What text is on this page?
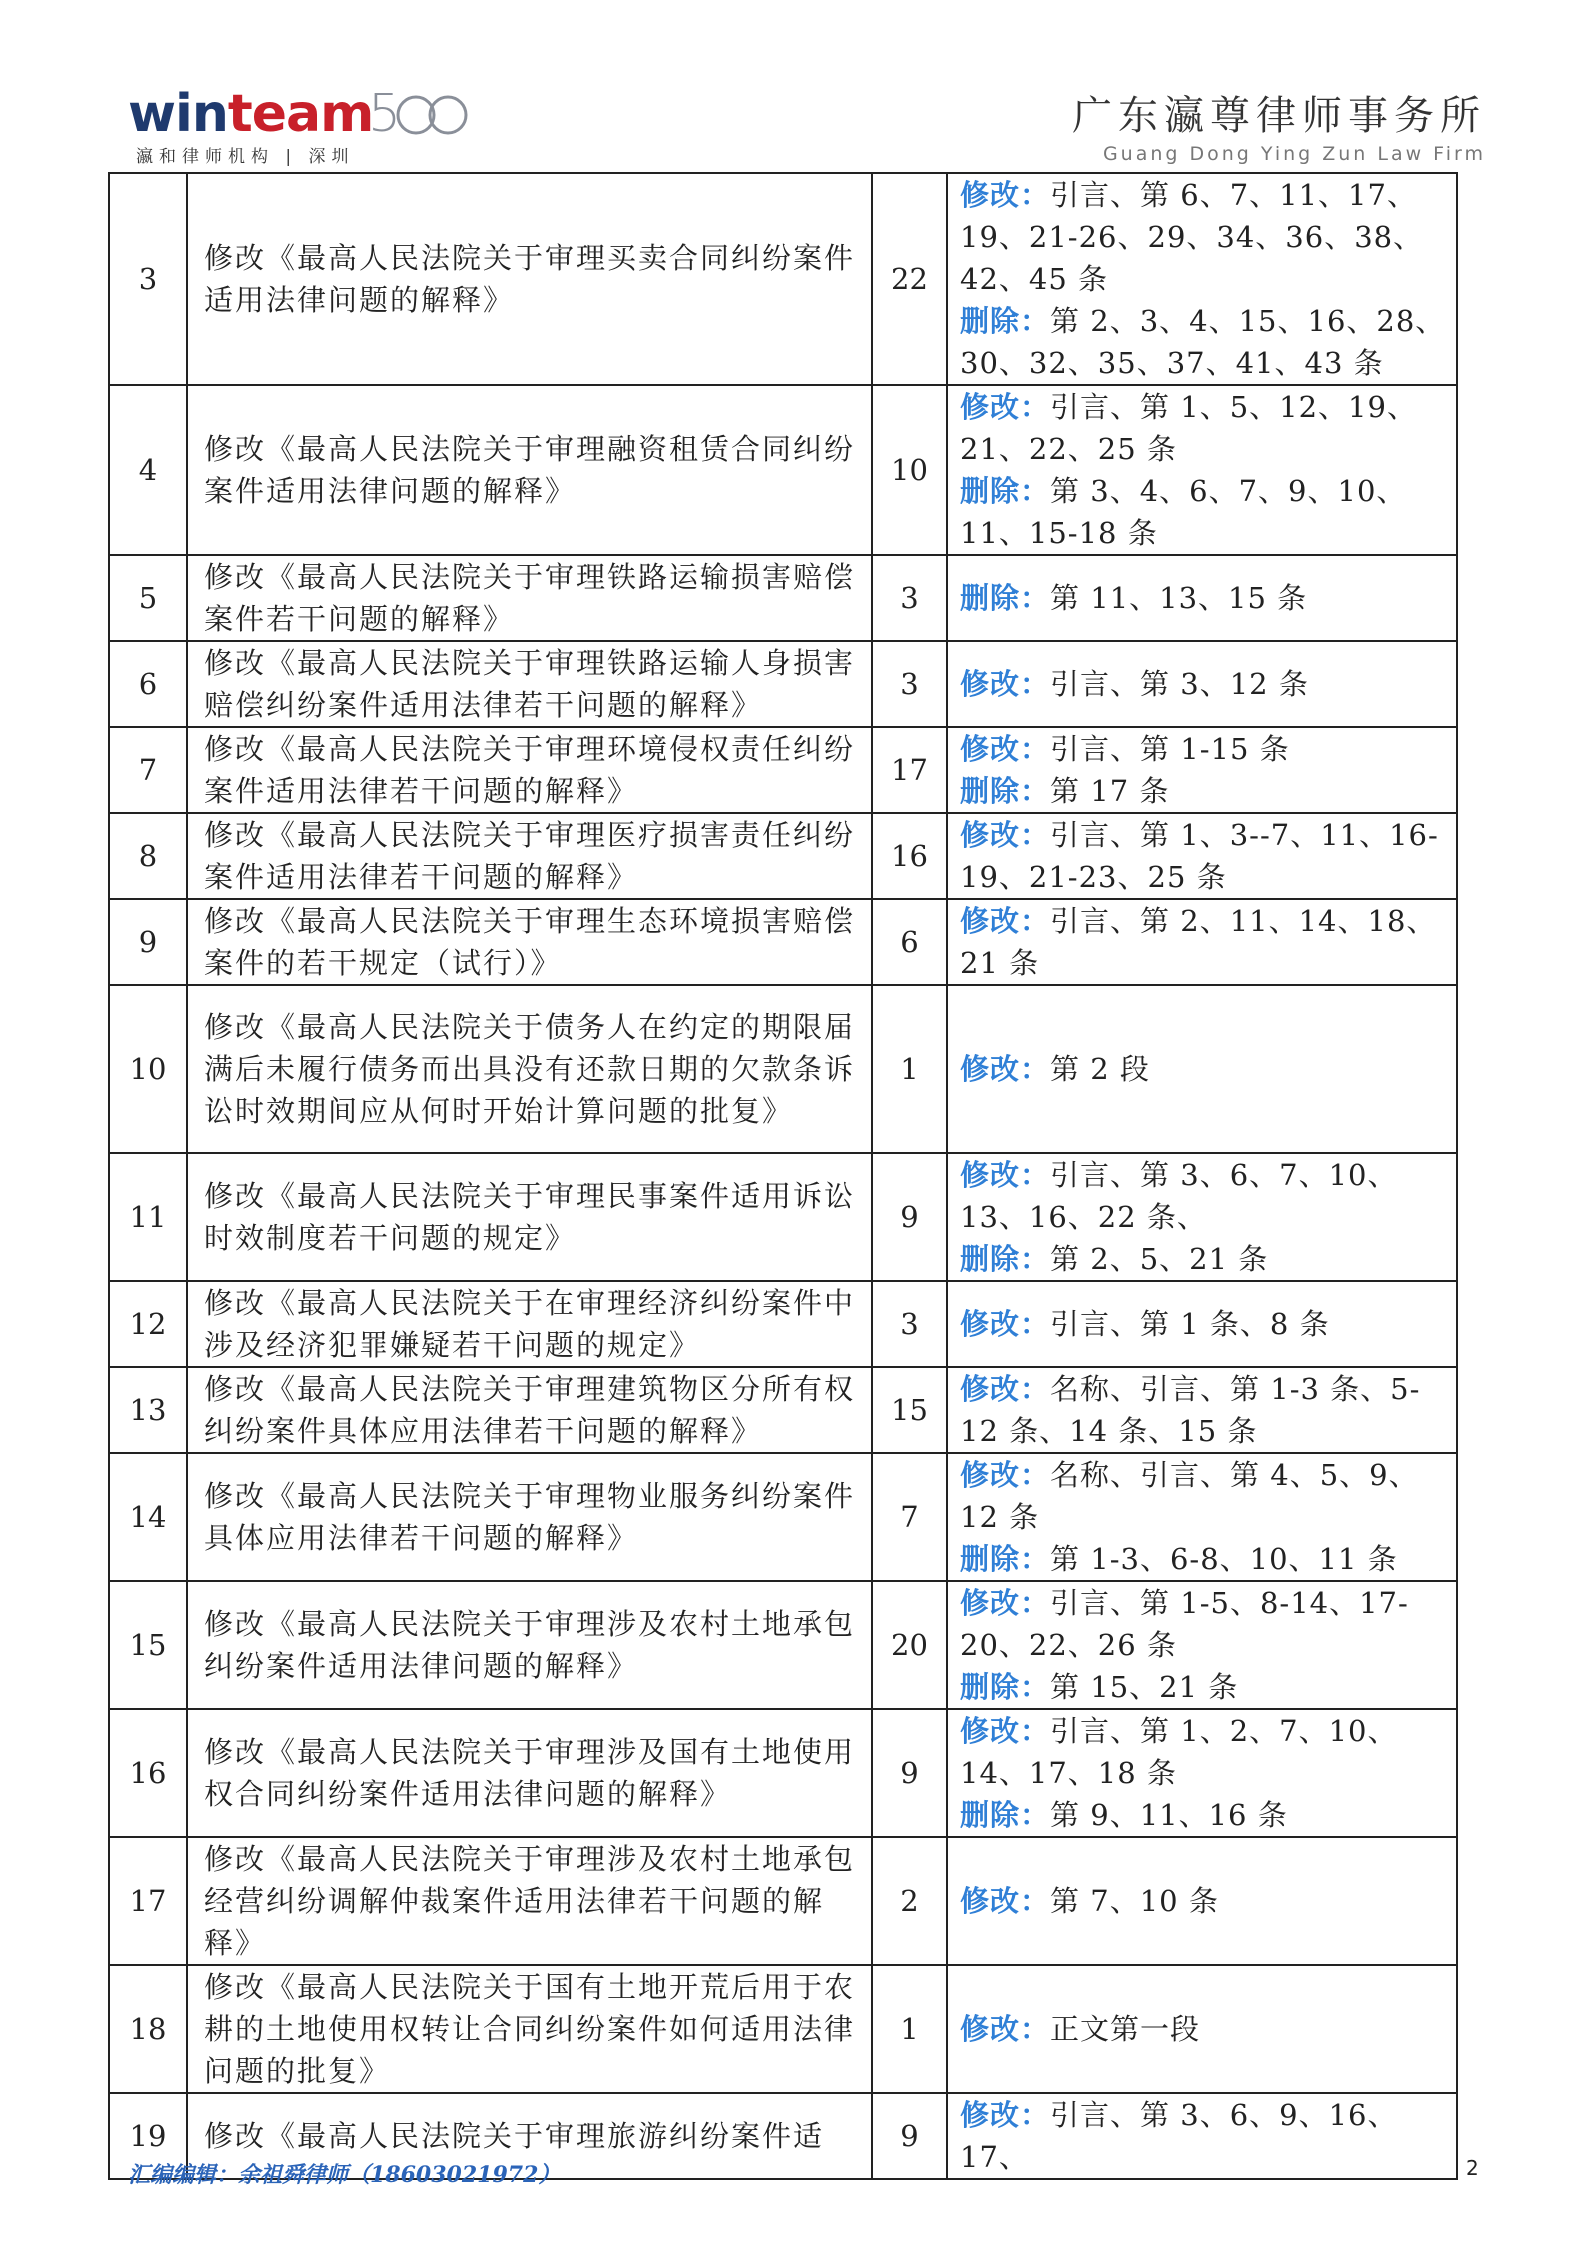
winteam
5
瀛和律师机构 | 深圳
广东瀛尊律师事务所
Guang Dong Ying Zun Law Firm
3	修改《最高人民法院关于审理买卖合同纠纷案件适用法律问题的解释》	22	修改：引言、第 6、7、11、17、19、21-26、29、34、36、38、42、45 条
删除：第 2、3、4、15、16、28、30、32、35、37、41、43 条

4	修改《最高人民法院关于审理融资租赁合同纠纷案件适用法律问题的解释》	10	修改：引言、第 1、5、12、19、21、22、25 条
删除：第 3、4、6、7、9、10、11、15-18 条

5	修改《最高人民法院关于审理铁路运输损害赔偿案件若干问题的解释》	3	删除：第 11、13、15 条

6	修改《最高人民法院关于审理铁路运输人身损害赔偿纠纷案件适用法律若干问题的解释》	3	修改：引言、第 3、12 条

7	修改《最高人民法院关于审理环境侵权责任纠纷案件适用法律若干问题的解释》	17	修改：引言、第 1-15 条
删除：第 17 条

8	修改《最高人民法院关于审理医疗损害责任纠纷案件适用法律若干问题的解释》	16	修改：引言、第 1、3--7、11、16-19、21-23、25 条

9	修改《最高人民法院关于审理生态环境损害赔偿案件的若干规定（试行）》	6	修改：引言、第 2、11、14、18、21 条

10	修改《最高人民法院关于债务人在约定的期限届满后未履行债务而出具没有还款日期的欠款条诉讼时效期间应从何时开始计算问题的批复》	1	修改：第 2 段

11	修改《最高人民法院关于审理民事案件适用诉讼时效制度若干问题的规定》	9	修改：引言、第 3、6、7、10、13、16、22 条、
删除：第 2、5、21 条

12	修改《最高人民法院关于在审理经济纠纷案件中涉及经济犯罪嫌疑若干问题的规定》	3	修改：引言、第 1 条、8 条

13	修改《最高人民法院关于审理建筑物区分所有权纠纷案件具体应用法律若干问题的解释》	15	修改：名称、引言、第 1-3 条、5-12 条、14 条、15 条

14	修改《最高人民法院关于审理物业服务纠纷案件具体应用法律若干问题的解释》	7	修改：名称、引言、第 4、5、9、12 条
删除：第 1-3、6-8、10、11 条

15	修改《最高人民法院关于审理涉及农村土地承包纠纷案件适用法律问题的解释》	20	修改：引言、第 1-5、8-14、17-20、22、26 条
删除：第 15、21 条

16	修改《最高人民法院关于审理涉及国有土地使用权合同纠纷案件适用法律问题的解释》	9	修改：引言、第 1、2、7、10、14、17、18 条
删除：第 9、11、16 条

17	修改《最高人民法院关于审理涉及农村土地承包经营纠纷调解仲裁案件适用法律若干问题的解释》	2	修改：第 7、10 条

18	修改《最高人民法院关于国有土地开荒后用于农耕的土地使用权转让合同纠纷案件如何适用法律问题的批复》	1	修改：正文第一段

19	修改《最高人民法院关于审理旅游纠纷案件适	9	修改：引言、第 3、6、9、16、17、
汇编编辑：余祖舜律师（18603021972）	2
